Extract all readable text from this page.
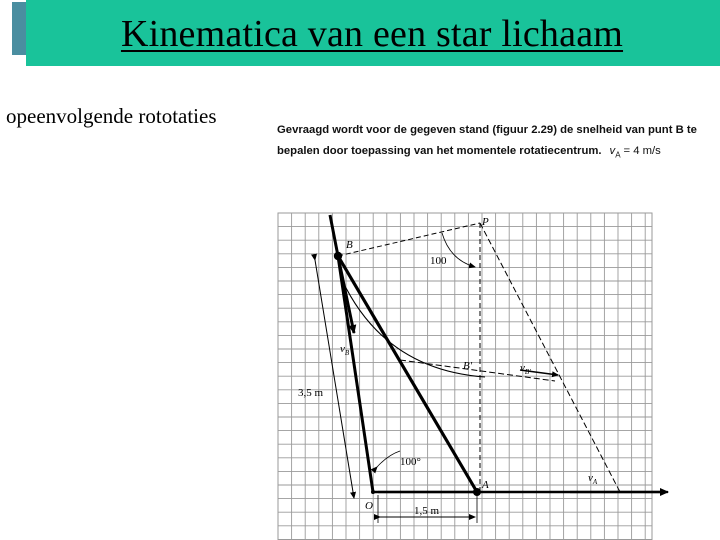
Kinematica van een star lichaam
opeenvolgende rototaties
Gevraagd wordt voor de gegeven stand (figuur 2.29) de snelheid van punt B te
bepalen door toepassing van het momentele rotatiecentrum. $v_A = 4$ m/s
P
B
B'
A
O
100
100°
3,5 m
1,5 m
$v_B$
$v_{B'}$
$v_A$
